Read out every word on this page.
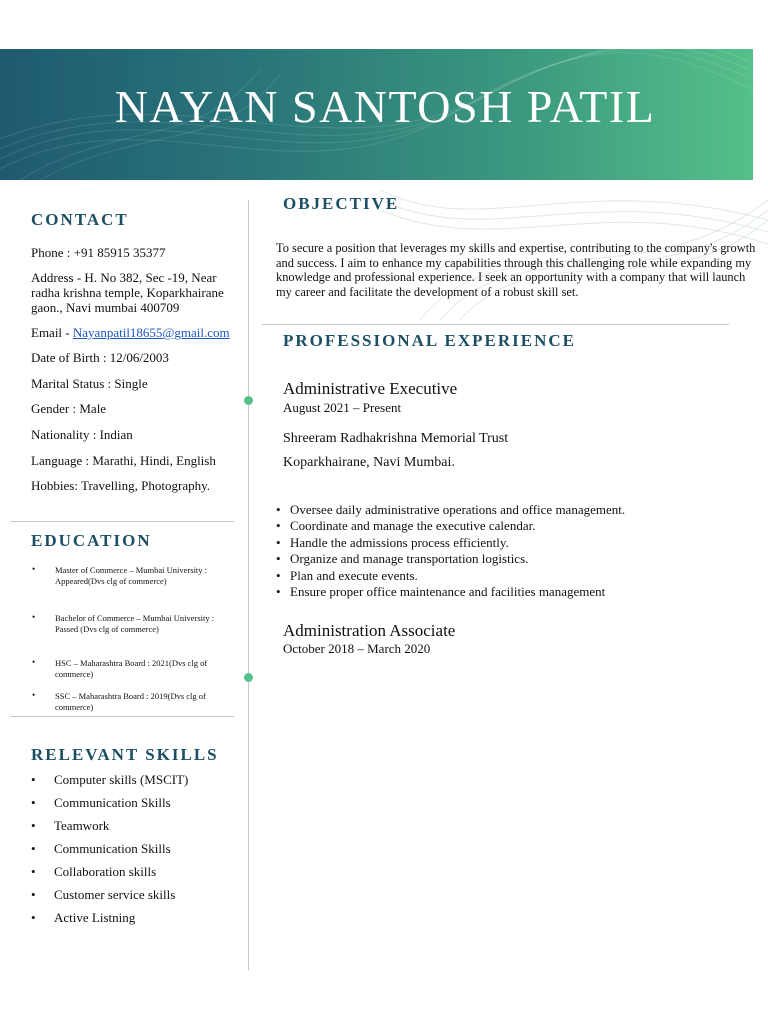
NAYAN SANTOSH PATIL
CONTACT
Phone : +91 85915 35377
Address - H. No 382, Sec -19, Near radha krishna temple, Koparkhairane gaon., Navi mumbai 400709
Email - Nayanpatil18655@gmail.com
Date of Birth : 12/06/2003
Marital Status : Single
Gender : Male
Nationality : Indian
Language : Marathi, Hindi, English
Hobbies: Travelling, Photography.
EDUCATION
• Master of Commerce – Mumbai University : Appeared(Dvs clg of commerce)
• Bachelor of Commerce – Mumbai University : Passed (Dvs clg of commerce)
• HSC – Maharashtra Board : 2021(Dvs clg of commerce)
• SSC – Maharashtra Board : 2019(Dvs clg of commerce)
RELEVANT SKILLS
• Computer skills (MSCIT)
• Communication Skills
• Teamwork
• Communication Skills
• Collaboration skills
• Customer service skills
• Active Listning
OBJECTIVE
To secure a position that leverages my skills and expertise, contributing to the company's growth and success. I aim to enhance my capabilities through this challenging role while expanding my knowledge and professional experience. I seek an opportunity with a company that will launch my career and facilitate the development of a robust skill set.
PROFESSIONAL EXPERIENCE
Administrative Executive
August 2021 – Present
Shreeram Radhakrishna Memorial Trust
Koparkhairane, Navi Mumbai.
• Oversee daily administrative operations and office management.
• Coordinate and manage the executive calendar.
• Handle the admissions process efficiently.
• Organize and manage transportation logistics.
• Plan and execute events.
• Ensure proper office maintenance and facilities management
Administration Associate
October 2018 – March 2020
